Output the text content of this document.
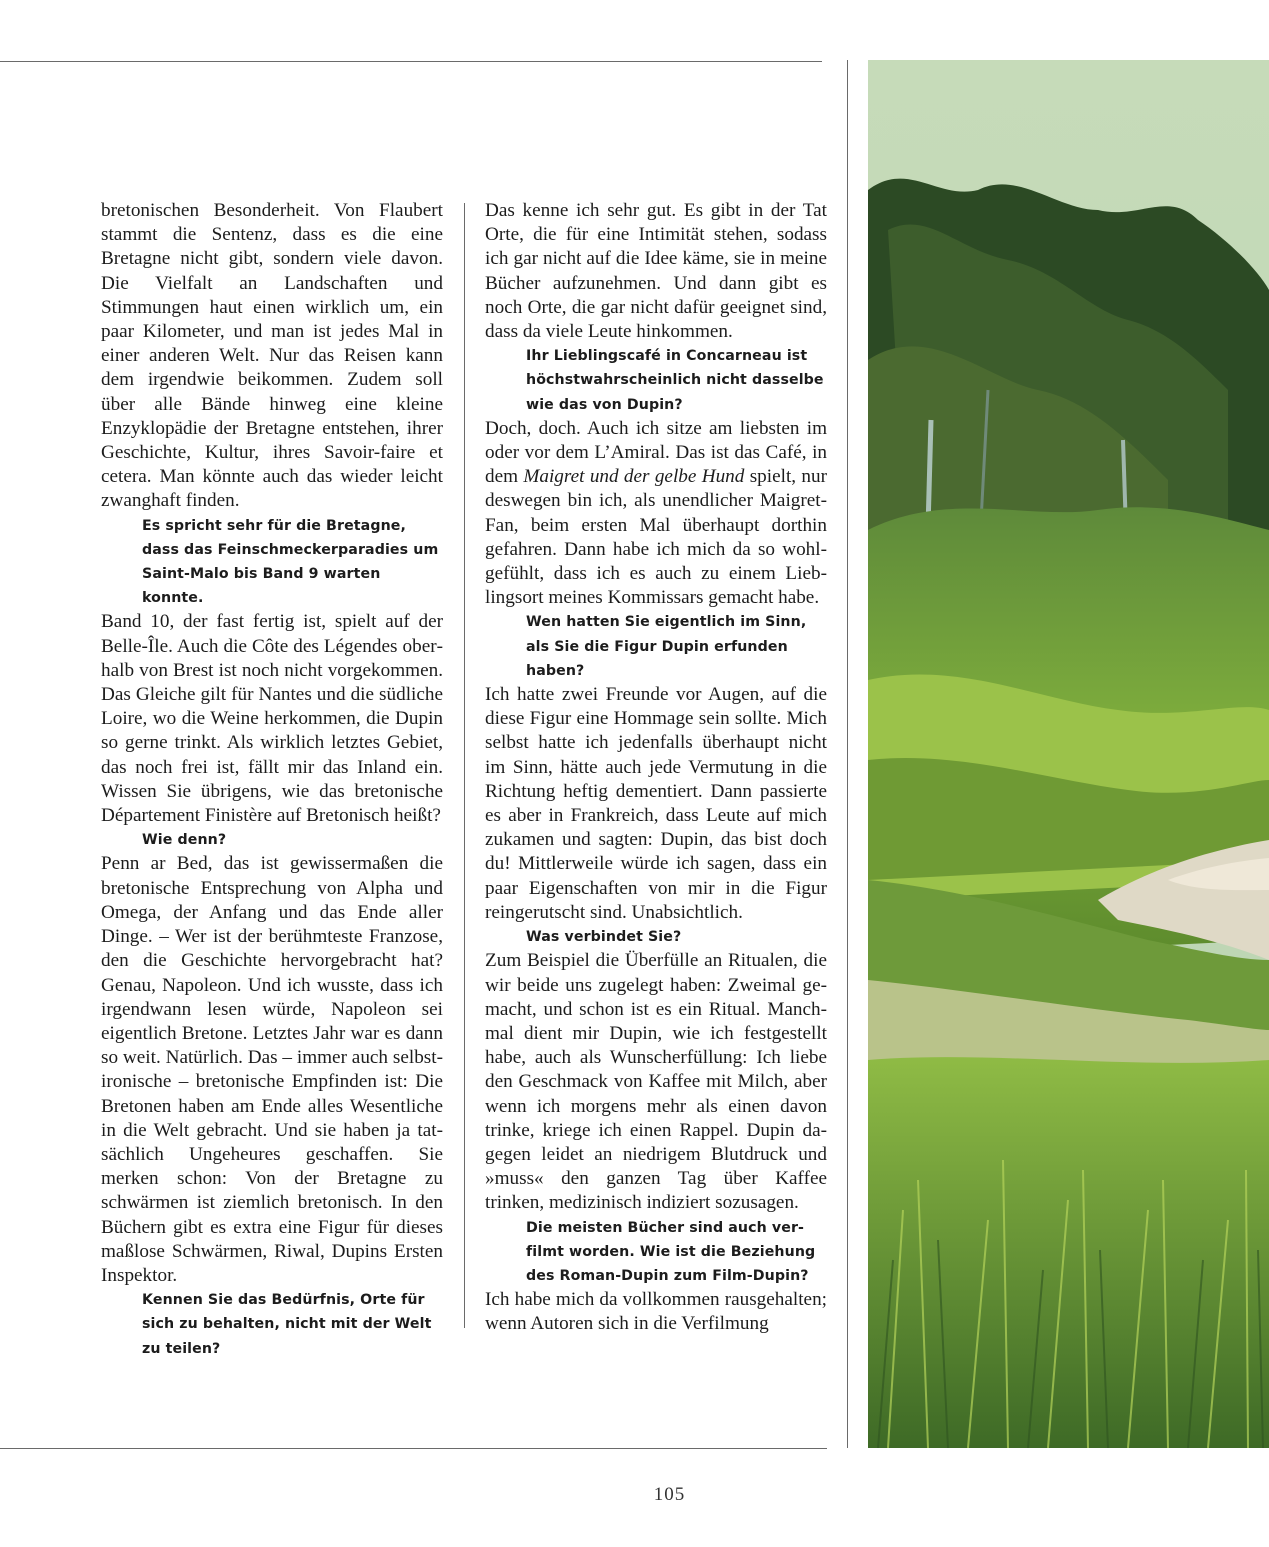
bretonischen Besonderheit. Von Flaubert stammt die Sentenz, dass es die eine Bretagne nicht gibt, sondern viele davon. Die Vielfalt an Landschaften und Stimmungen haut einen wirklich um, ein paar Kilometer, und man ist jedes Mal in einer anderen Welt. Nur das Reisen kann dem irgendwie beikommen. Zudem soll über alle Bände hinweg eine kleine Enzyklopädie der Bretagne entstehen, ihrer Geschichte, Kultur, ihres Savoir-faire et cetera. Man könnte auch das wieder leicht zwanghaft finden.

Es spricht sehr für die Bretagne, dass das Feinschmeckerparadies um Saint-Malo bis Band 9 warten konnte.

Band 10, der fast fertig ist, spielt auf der Belle-Île. Auch die Côte des Légendes oberhalb von Brest ist noch nicht vorgekommen. Das Gleiche gilt für Nantes und die südliche Loire, wo die Weine herkommen, die Dupin so gerne trinkt. Als wirklich letztes Gebiet, das noch frei ist, fällt mir das Inland ein. Wissen Sie übrigens, wie das bretonische Département Finistère auf Bretonisch heißt?

Wie denn?

Penn ar Bed, das ist gewissermaßen die bretonische Entsprechung von Alpha und Omega, der Anfang und das Ende aller Dinge. – Wer ist der berühmteste Franzose, den die Geschichte hervorgebracht hat? Genau, Napoleon. Und ich wusste, dass ich irgendwann lesen würde, Napoleon sei eigentlich Bretone. Letztes Jahr war es dann so weit. Natürlich. Das – immer auch selbstironische – bretonische Empfinden ist: Die Bretonen haben am Ende alles Wesentliche in die Welt gebracht. Und sie haben ja tatsächlich Ungeheures geschaffen. Sie merken schon: Von der Bretagne zu schwärmen ist ziemlich bretonisch. In den Büchern gibt es extra eine Figur für dieses maßlose Schwärmen, Riwal, Dupins Ersten Inspektor.

Kennen Sie das Bedürfnis, Orte für sich zu behalten, nicht mit der Welt zu teilen?

Das kenne ich sehr gut. Es gibt in der Tat Orte, die für eine Intimität stehen, sodass ich gar nicht auf die Idee käme, sie in meine Bücher aufzunehmen. Und dann gibt es noch Orte, die gar nicht dafür geeignet sind, dass da viele Leute hinkommen.

Ihr Lieblingscafé in Concarneau ist höchstwahrscheinlich nicht dasselbe wie das von Dupin?

Doch, doch. Auch ich sitze am liebsten im oder vor dem L’Amiral. Das ist das Café, in dem Maigret und der gelbe Hund spielt, nur deswegen bin ich, als unendlicher Maigret-Fan, beim ersten Mal überhaupt dorthin gefahren. Dann habe ich mich da so wohlgefühlt, dass ich es auch zu einem Lieblingsort meines Kommissars gemacht habe.

Wen hatten Sie eigentlich im Sinn, als Sie die Figur Dupin erfunden haben?

Ich hatte zwei Freunde vor Augen, auf die diese Figur eine Hommage sein sollte. Mich selbst hatte ich jedenfalls überhaupt nicht im Sinn, hätte auch jede Vermutung in die Richtung heftig dementiert. Dann passierte es aber in Frankreich, dass Leute auf mich zukamen und sagten: Dupin, das bist doch du! Mittlerweile würde ich sagen, dass ein paar Eigenschaften von mir in die Figur reingerutscht sind. Unabsichtlich.

Was verbindet Sie?

Zum Beispiel die Überfülle an Ritualen, die wir beide uns zugelegt haben: Zweimal gemacht, und schon ist es ein Ritual. Manchmal dient mir Dupin, wie ich festgestellt habe, auch als Wunscherfüllung: Ich liebe den Geschmack von Kaffee mit Milch, aber wenn ich morgens mehr als einen davon trinke, kriege ich einen Rappel. Dupin dagegen leidet an niedrigem Blutdruck und »muss« den ganzen Tag über Kaffee trinken, medizinisch indiziert sozusagen.

Die meisten Bücher sind auch verfilmt worden. Wie ist die Beziehung des Roman-Dupin zum Film-Dupin?

Ich habe mich da vollkommen rausgehalten; wenn Autoren sich in die Verfilmung

105
